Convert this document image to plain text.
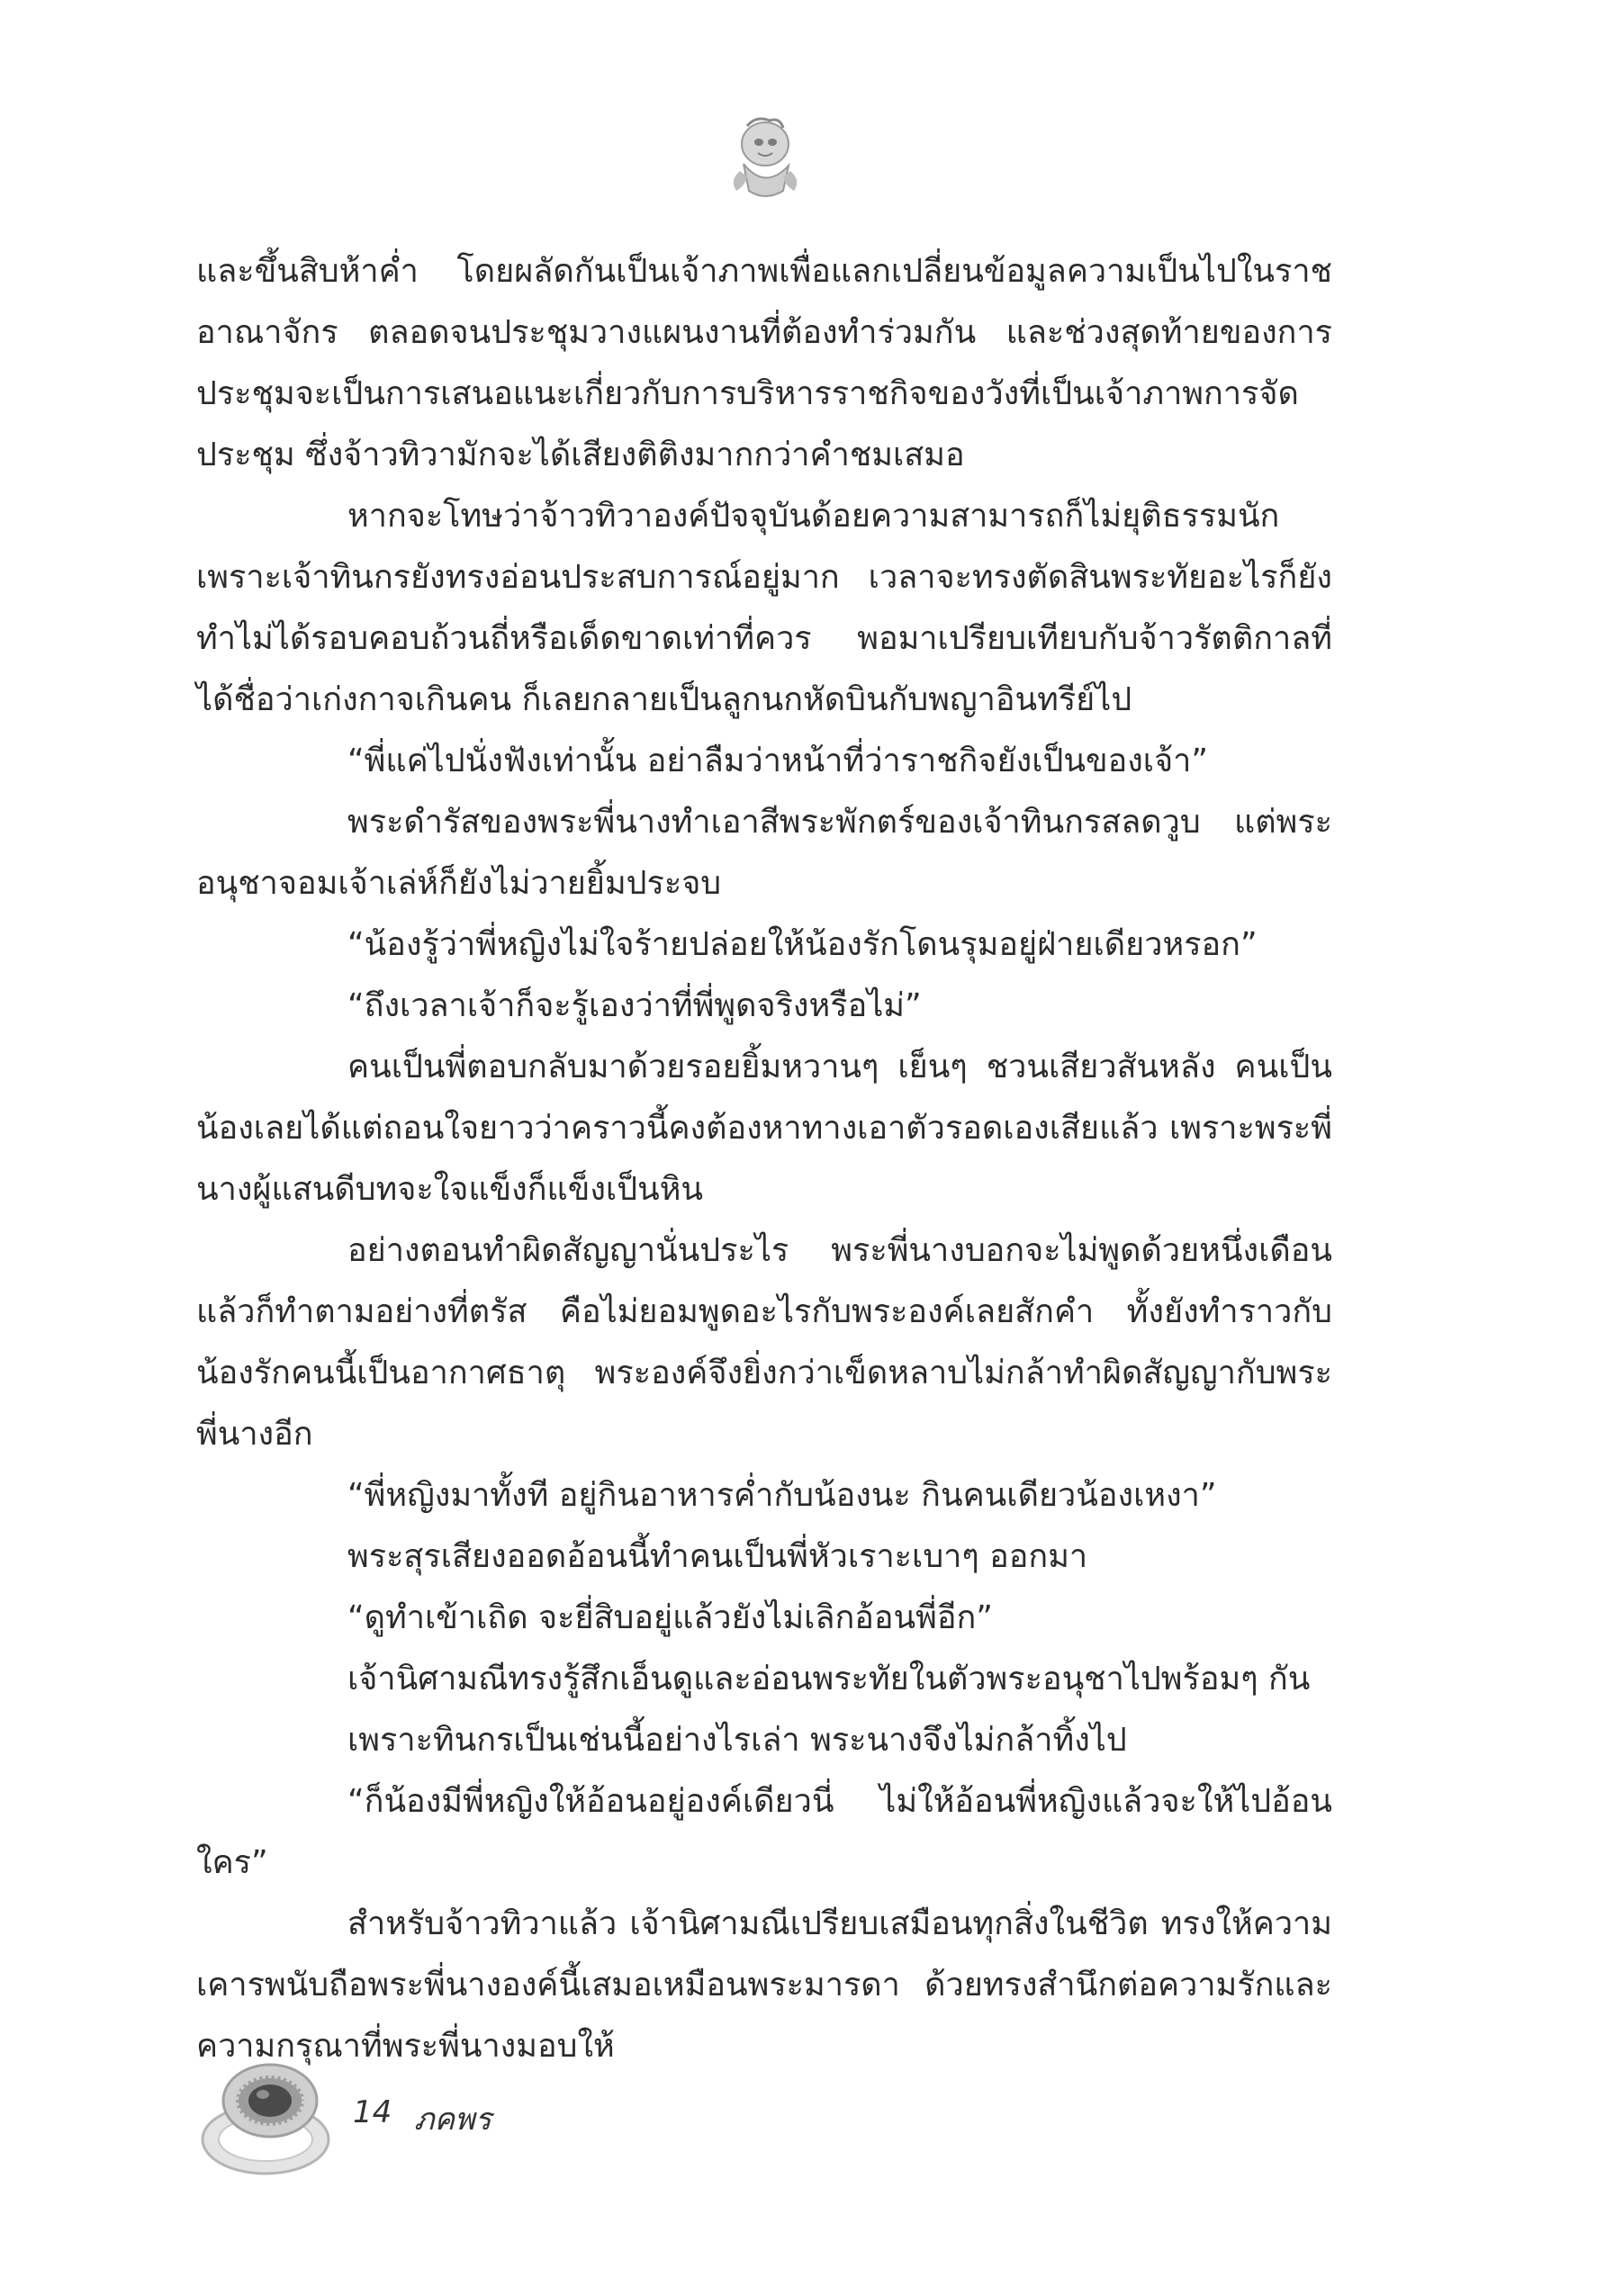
และขึ้นสิบห้าค่ำ โดยผลัดกันเป็นเจ้าภาพเพื่อแลกเปลี่ยนข้อมูลความเป็นไปในราชอาณาจักร ตลอดจนประชุมวางแผนงานที่ต้องทำร่วมกัน และช่วงสุดท้ายของการประชุมจะเป็นการเสนอแนะเกี่ยวกับการบริหารราชกิจของวังที่เป็นเจ้าภาพการจัดประชุม ซึ่งจ้าวทิวามักจะได้เสียงติติงมากกว่าคำชมเสมอ

หากจะโทษว่าจ้าวทิวาองค์ปัจจุบันด้อยความสามารถก็ไม่ยุติธรรมนัก เพราะเจ้าทินกรยังทรงอ่อนประสบการณ์อยู่มาก เวลาจะทรงตัดสินพระทัยอะไรก็ยังทำไม่ได้รอบคอบถ้วนถี่หรือเด็ดขาดเท่าที่ควร พอมาเปรียบเทียบกับจ้าวรัตติกาลที่ได้ชื่อว่าเก่งกาจเกินคน ก็เลยกลายเป็นลูกนกหัดบินกับพญาอินทรีย์ไป

“พี่แค่ไปนั่งฟังเท่านั้น อย่าลืมว่าหน้าที่ว่าราชกิจยังเป็นของเจ้า”

พระดำรัสของพระพี่นางทำเอาสีพระพักตร์ของเจ้าทินกรสลดวูบ แต่พระอนุชาจอมเจ้าเล่ห์ก็ยังไม่วายยิ้มประจบ

“น้องรู้ว่าพี่หญิงไม่ใจร้ายปล่อยให้น้องรักโดนรุมอยู่ฝ่ายเดียวหรอก”

“ถึงเวลาเจ้าก็จะรู้เองว่าที่พี่พูดจริงหรือไม่”

คนเป็นพี่ตอบกลับมาด้วยรอยยิ้มหวานๆ เย็นๆ ชวนเสียวสันหลัง คนเป็นน้องเลยได้แต่ถอนใจยาวว่าคราวนี้คงต้องหาทางเอาตัวรอดเองเสียแล้ว เพราะพระพี่นางผู้แสนดีบทจะใจแข็งก็แข็งเป็นหิน

อย่างตอนทำผิดสัญญานั่นประไร พระพี่นางบอกจะไม่พูดด้วยหนึ่งเดือน แล้วก็ทำตามอย่างที่ตรัส คือไม่ยอมพูดอะไรกับพระองค์เลยสักคำ ทั้งยังทำราวกับน้องรักคนนี้เป็นอากาศธาตุ พระองค์จึงยิ่งกว่าเข็ดหลาบไม่กล้าทำผิดสัญญากับพระพี่นางอีก

“พี่หญิงมาทั้งที อยู่กินอาหารค่ำกับน้องนะ กินคนเดียวน้องเหงา”

พระสุรเสียงออดอ้อนนี้ทำคนเป็นพี่หัวเราะเบาๆ ออกมา

“ดูทำเข้าเถิด จะยี่สิบอยู่แล้วยังไม่เลิกอ้อนพี่อีก”

เจ้านิศามณีทรงรู้สึกเอ็นดูและอ่อนพระทัยในตัวพระอนุชาไปพร้อมๆ กัน

เพราะทินกรเป็นเช่นนี้อย่างไรเล่า พระนางจึงไม่กล้าทิ้งไป

“ก็น้องมีพี่หญิงให้อ้อนอยู่องค์เดียวนี่ ไม่ให้อ้อนพี่หญิงแล้วจะให้ไปอ้อนใคร”

สำหรับจ้าวทิวาแล้ว เจ้านิศามณีเปรียบเสมือนทุกสิ่งในชีวิต ทรงให้ความเคารพนับถือพระพี่นางองค์นี้เสมอเหมือนพระมารดา ด้วยทรงสำนึกต่อความรักและความกรุณาที่พระพี่นางมอบให้

14 ภคพร
